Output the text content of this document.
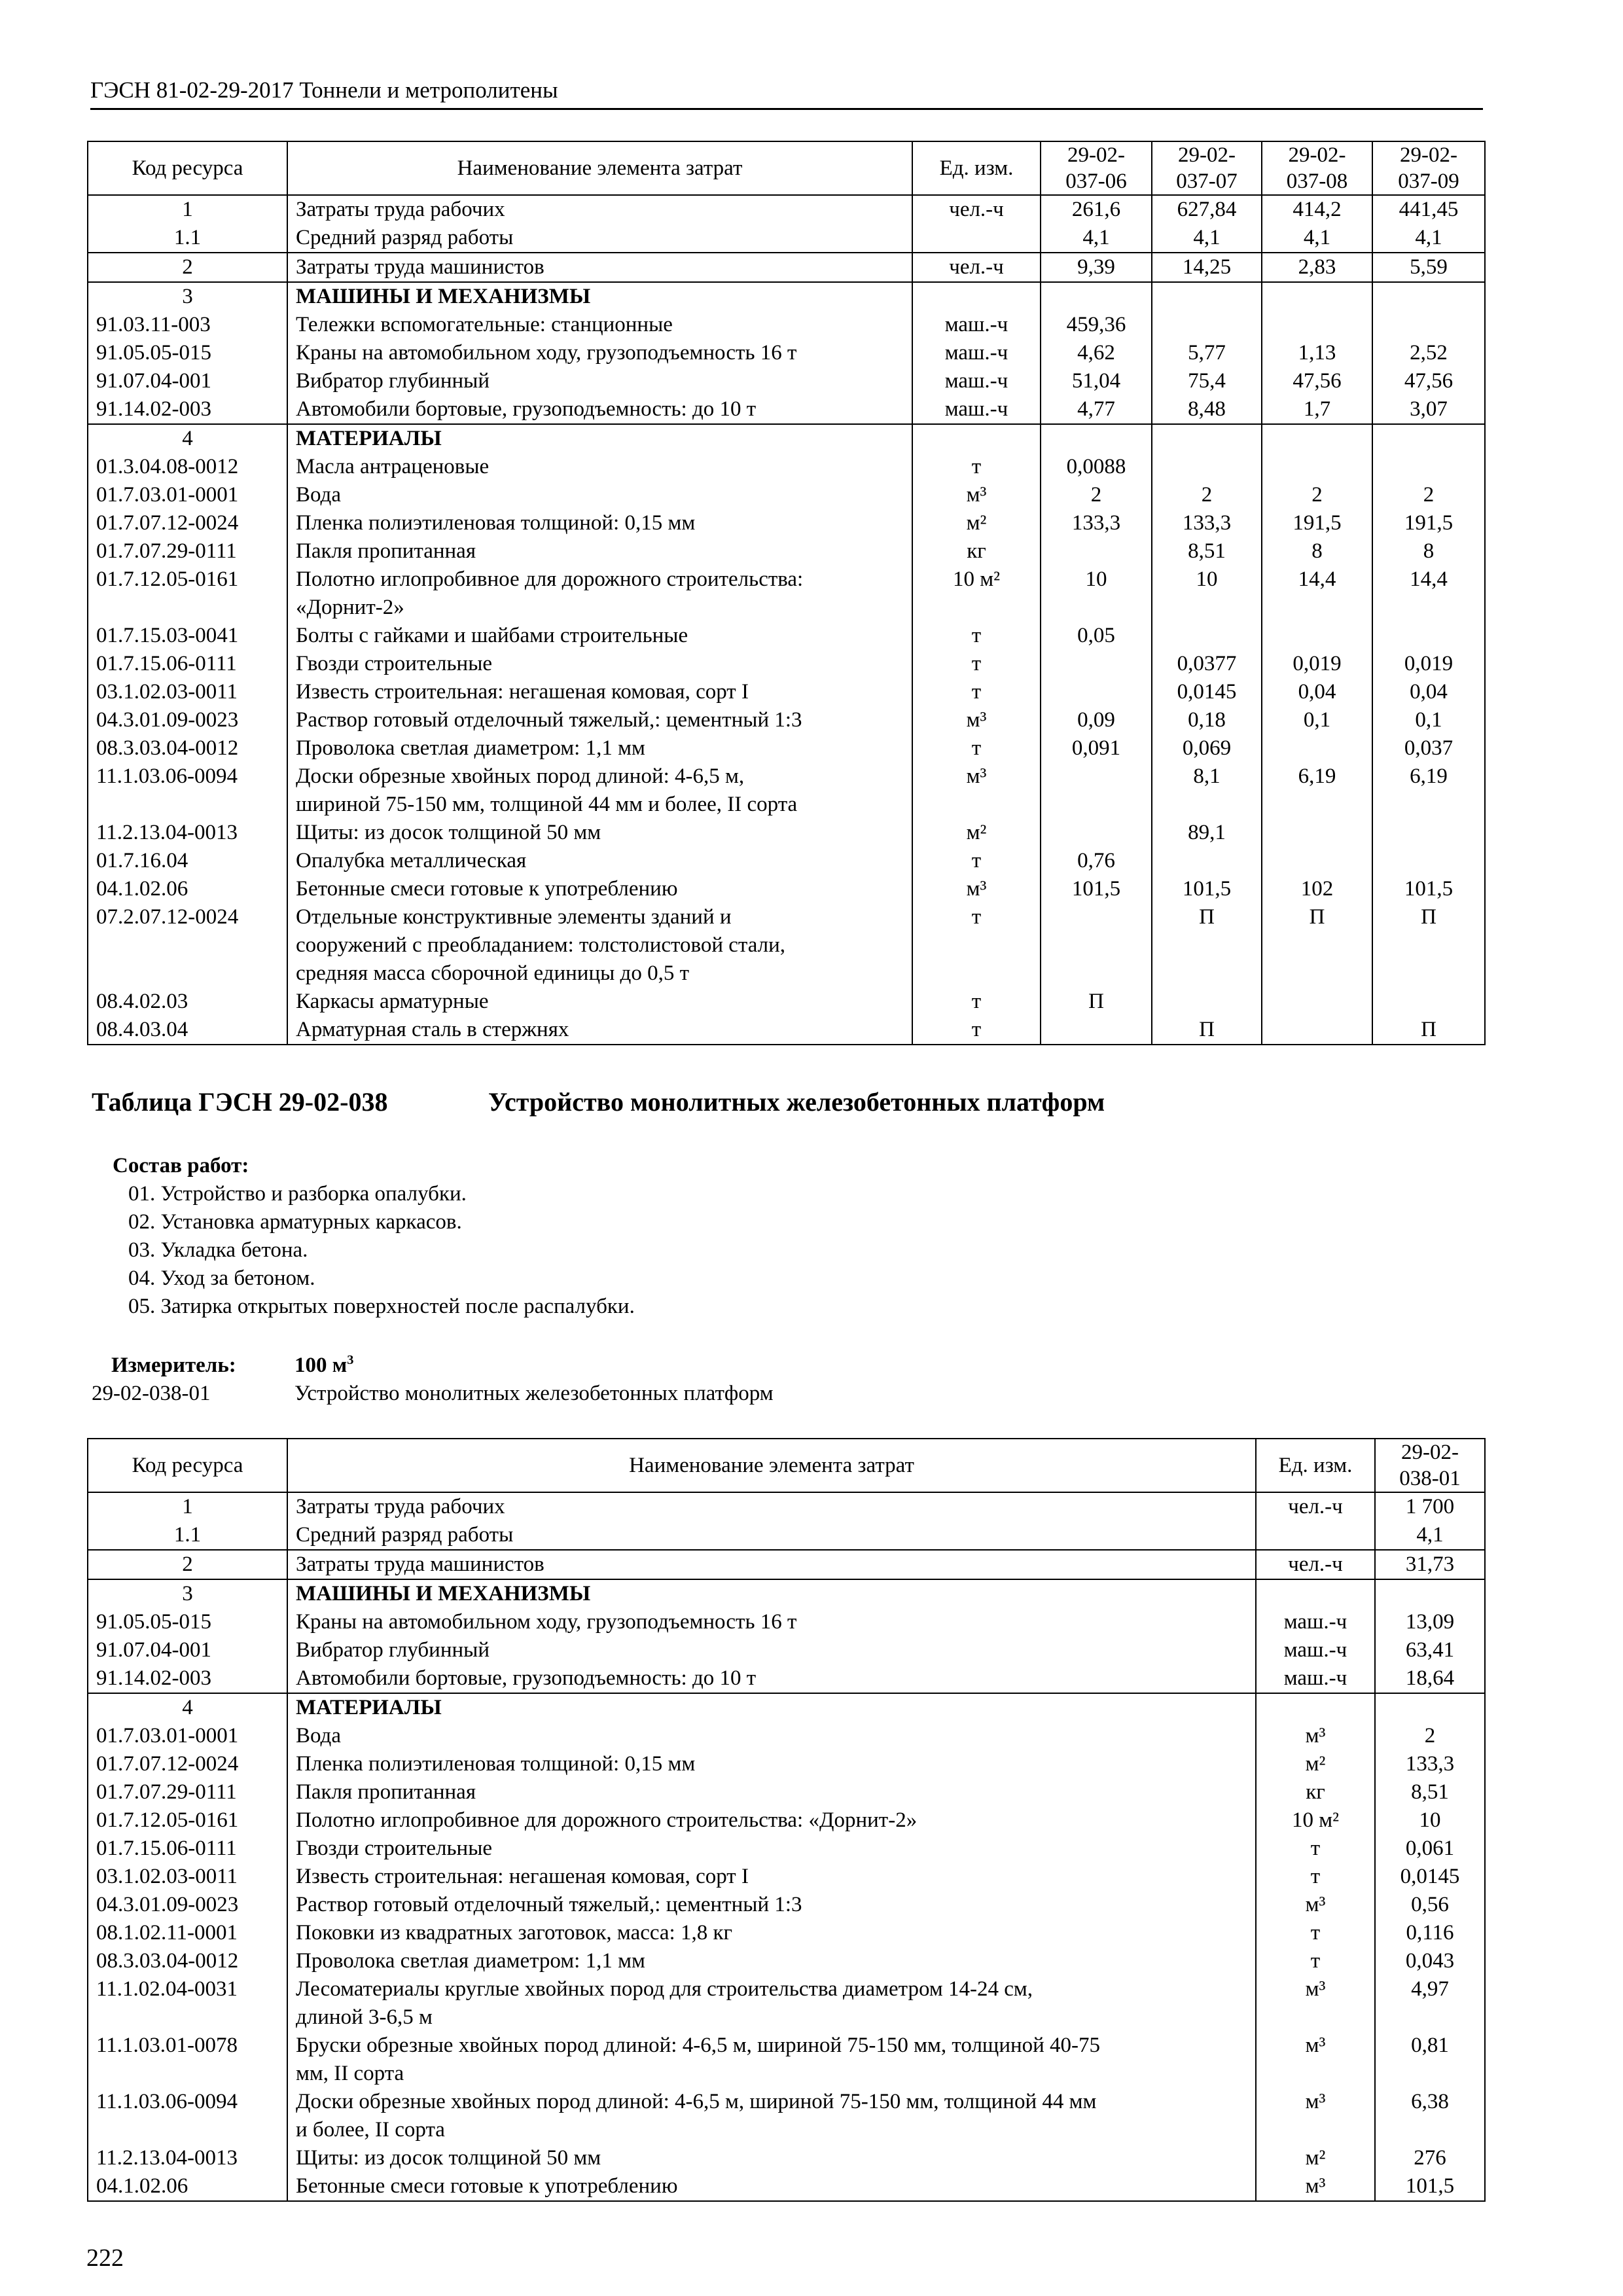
ГЭСН 81-02-29-2017 Тоннели и метрополитены
Код ресурса	Наименование элемента затрат	Ед. изм.	29-02-
037-06	29-02-
037-07	29-02-
037-08	29-02-
037-09
1	Затраты труда рабочих	чел.-ч	261,6	627,84	414,2	441,45
1.1	Средний разряд работы		4,1	4,1	4,1	4,1
2	Затраты труда машинистов	чел.-ч	9,39	14,25	2,83	5,59
3	МАШИНЫ И МЕХАНИЗМЫ					

91.03.11-003	Тележки вспомогательные: станционные	маш.-ч	459,36			
91.05.05-015	Краны на автомобильном ходу, грузоподъемность 16 т	маш.-ч	4,62	5,77	1,13	2,52
91.07.04-001	Вибратор глубинный	маш.-ч	51,04	75,4	47,56	47,56
91.14.02-003	Автомобили бортовые, грузоподъемность: до 10 т	маш.-ч	4,77	8,48	1,7	3,07
4	МАТЕРИАЛЫ					

01.3.04.08-0012	Масла антраценовые	т	0,0088			
01.7.03.01-0001	Вода	м³	2	2	2	2
01.7.07.12-0024	Пленка полиэтиленовая толщиной: 0,15 мм	м²	133,3	133,3	191,5	191,5
01.7.07.29-0111	Пакля пропитанная	кг		8,51	8	8
01.7.12.05-0161	Полотно иглопробивное для дорожного строительства:
«Дорнит-2»	10 м²	10	10	14,4	14,4
01.7.15.03-0041	Болты с гайками и шайбами строительные	т	0,05			
01.7.15.06-0111	Гвозди строительные	т		0,0377	0,019	0,019
03.1.02.03-0011	Известь строительная: негашеная комовая, сорт I	т		0,0145	0,04	0,04
04.3.01.09-0023	Раствор готовый отделочный тяжелый,: цементный 1:3	м³	0,09	0,18	0,1	0,1
08.3.03.04-0012	Проволока светлая диаметром: 1,1 мм	т	0,091	0,069		0,037
11.1.03.06-0094	Доски обрезные хвойных пород длиной: 4-6,5 м,
шириной 75-150 мм, толщиной 44 мм и более, II сорта	м³		8,1	6,19	6,19
11.2.13.04-0013	Щиты: из досок толщиной 50 мм	м²		89,1		
01.7.16.04	Опалубка металлическая	т	0,76			
04.1.02.06	Бетонные смеси готовые к употреблению	м³	101,5	101,5	102	101,5
07.2.07.12-0024	Отдельные конструктивные элементы зданий и
сооружений с преобладанием: толстолистовой стали,
средняя масса сборочной единицы до 0,5 т	т		П	П	П
08.4.02.03	Каркасы арматурные	т	П			
08.4.03.04	Арматурная сталь в стержнях	т		П		П
Таблица ГЭСН 29-02-038	Устройство монолитных железобетонных платформ
Состав работ:
01. Устройство и разборка опалубки.
02. Установка арматурных каркасов.
03. Укладка бетона.
04. Уход за бетоном.
05. Затирка открытых поверхностей после распалубки.
Измеритель:	100 $м^3$
29-02-038-01	Устройство монолитных железобетонных платформ
Код ресурса	Наименование элемента затрат	Ед. изм.	29-02-
038-01
1	Затраты труда рабочих	чел.-ч	1 700
1.1	Средний разряд работы		4,1
2	Затраты труда машинистов	чел.-ч	31,73
3	МАШИНЫ И МЕХАНИЗМЫ		

91.05.05-015	Краны на автомобильном ходу, грузоподъемность 16 т	маш.-ч	13,09
91.07.04-001	Вибратор глубинный	маш.-ч	63,41
91.14.02-003	Автомобили бортовые, грузоподъемность: до 10 т	маш.-ч	18,64
4	МАТЕРИАЛЫ		

01.7.03.01-0001	Вода	м³	2
01.7.07.12-0024	Пленка полиэтиленовая толщиной: 0,15 мм	м²	133,3
01.7.07.29-0111	Пакля пропитанная	кг	8,51
01.7.12.05-0161	Полотно иглопробивное для дорожного строительства: «Дорнит-2»	10 м²	10
01.7.15.06-0111	Гвозди строительные	т	0,061
03.1.02.03-0011	Известь строительная: негашеная комовая, сорт I	т	0,0145
04.3.01.09-0023	Раствор готовый отделочный тяжелый,: цементный 1:3	м³	0,56
08.1.02.11-0001	Поковки из квадратных заготовок, масса: 1,8 кг	т	0,116
08.3.03.04-0012	Проволока светлая диаметром: 1,1 мм	т	0,043
11.1.02.04-0031	Лесоматериалы круглые хвойных пород для строительства диаметром 14-24 см,
длиной 3-6,5 м	м³	4,97
11.1.03.01-0078	Бруски обрезные хвойных пород длиной: 4-6,5 м, шириной 75-150 мм, толщиной 40-75
мм, II сорта	м³	0,81
11.1.03.06-0094	Доски обрезные хвойных пород длиной: 4-6,5 м, шириной 75-150 мм, толщиной 44 мм
и более, II сорта	м³	6,38
11.2.13.04-0013	Щиты: из досок толщиной 50 мм	м²	276
04.1.02.06	Бетонные смеси готовые к употреблению	м³	101,5
222
